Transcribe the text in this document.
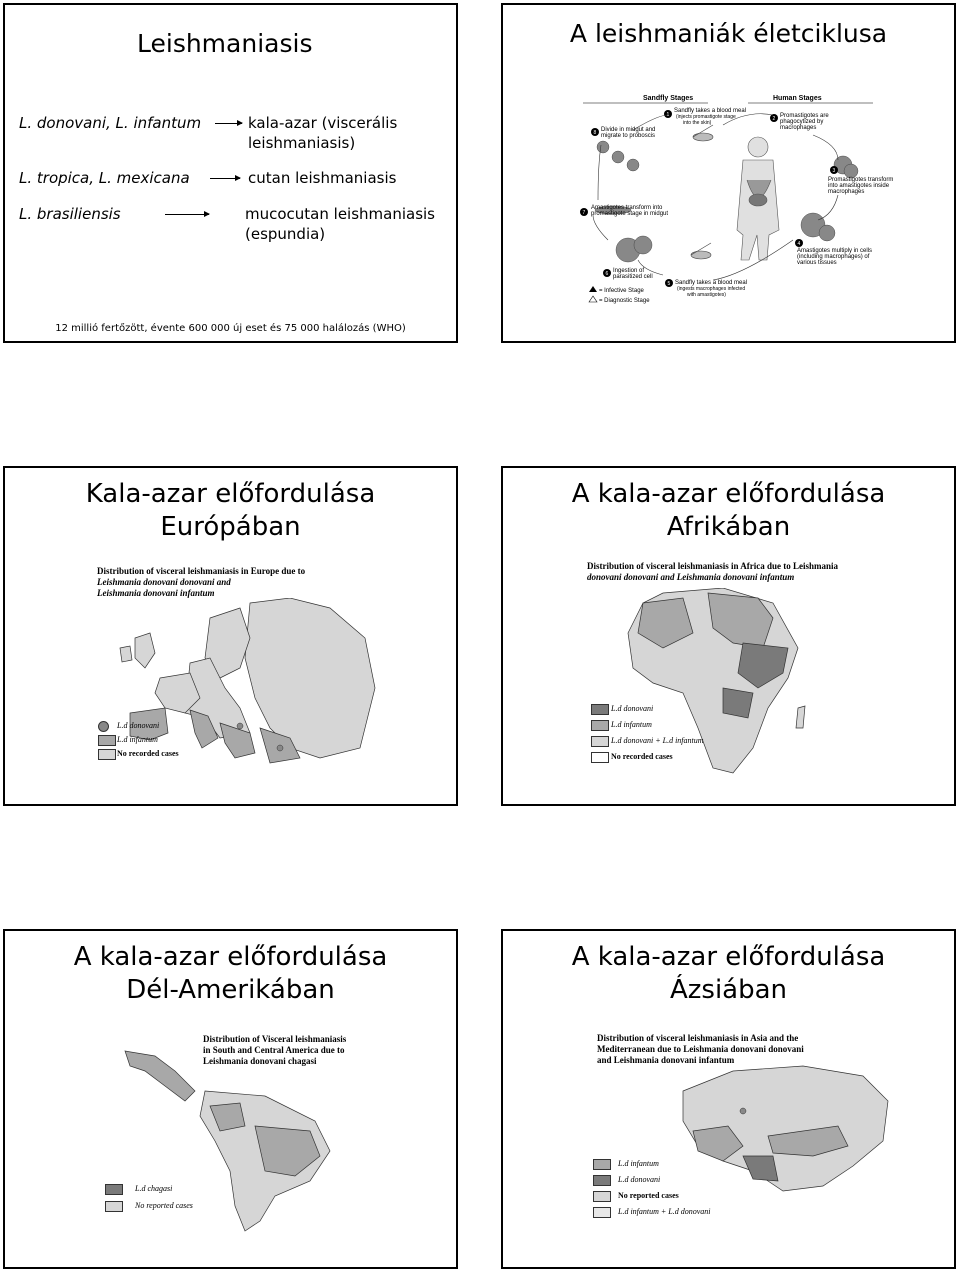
Leishmaniasis
L. donovani, L. infantum	kala-azar (viscerális
leishmaniasis)
L. tropica, L. mexicana	cutan leishmaniasis
L. brasiliensis	mucocutan leishmaniasis
(espundia)
12 millió fertőzött, évente 600 000 új eset és 75 000 halálozás (WHO)
A leishmaniák életciklusa
Sandfly Stages	Human Stages
1
Sandfly takes a blood meal
(injects promastigote stage
into the skin)
2 Promastigotes are
phagocytized by
macrophages
3
Promastigotes transform
into amastigotes inside
macrophages
4
Amastigotes multiply in cells
(including macrophages) of
various tissues
5 Sandfly takes a blood meal
(ingests macrophages infected
with amastigotes)
6 Ingestion of
parasitized cell
7
Amastigotes transform into
promastigote stage in midgut
8 Divide in midgut and
migrate to proboscis
= Infective Stage
= Diagnostic Stage
Kala-azar előfordulása
Európában
Distribution of visceral leishmaniasis in Europe due to
Leishmania donovani donovani and
Leishmania donovani infantum
L.d donovani
L.d infantum
No recorded cases
A kala-azar előfordulása
Afrikában
Distribution of visceral leishmaniasis in Africa due to Leishmania
donovani donovani and Leishmania donovani infantum
L.d donovani
L.d infantum
L.d donovani + L.d infantum
No recorded cases
A kala-azar előfordulása
Dél-Amerikában
Distribution of Visceral leishmaniasis
in South and Central America due to
Leishmania donovani chagasi
L.d chagasi
No reported cases
A kala-azar előfordulása
Ázsiában
Distribution of visceral leishmaniasis in Asia and the
Mediterranean due to Leishmania donovani donovani
and Leishmania donovani infantum
L.d infantum
L.d donovani
No reported cases
L.d infantum + L.d donovani
